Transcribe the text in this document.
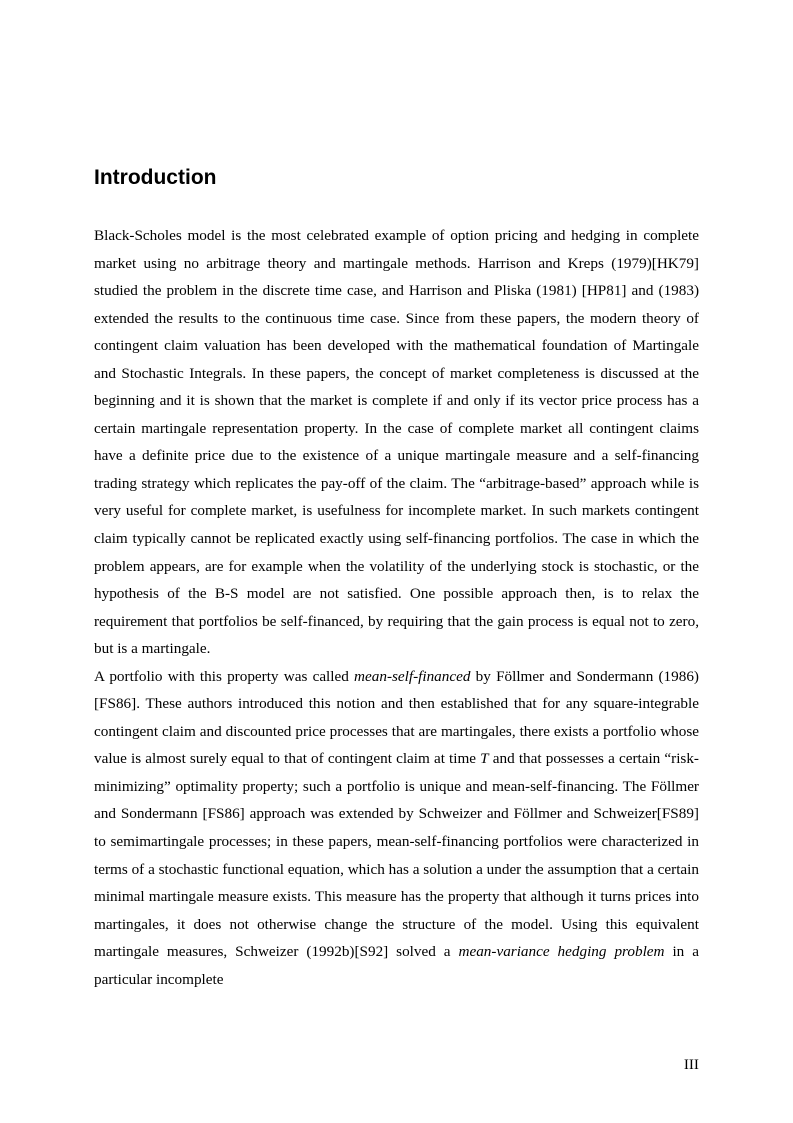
Introduction

Black-Scholes model is the most celebrated example of option pricing and hedging in complete market using no arbitrage theory and martingale methods. Harrison and Kreps (1979)[HK79] studied the problem in the discrete time case, and Harrison and Pliska (1981) [HP81] and (1983) extended the results to the continuous time case. Since from these papers, the modern theory of contingent claim valuation has been developed with the mathematical foundation of Martingale and Stochastic Integrals. In these papers, the concept of market completeness is discussed at the beginning and it is shown that the market is complete if and only if its vector price process has a certain martingale representation property. In the case of complete market all contingent claims have a definite price due to the existence of a unique martingale measure and a self-financing trading strategy which replicates the pay-off of the claim. The “arbitrage-based” approach while is very useful for complete market, is usefulness for incomplete market. In such markets contingent claim typically cannot be replicated exactly using self-financing portfolios. The case in which the problem appears, are for example when the volatility of the underlying stock is stochastic, or the hypothesis of the B-S model are not satisfied. One possible approach then, is to relax the requirement that portfolios be self-financed, by requiring that the gain process is equal not to zero, but is a martingale.

A portfolio with this property was called mean-self-financed by Föllmer and Sondermann (1986)[FS86]. These authors introduced this notion and then established that for any square-integrable contingent claim and discounted price processes that are martingales, there exists a portfolio whose value is almost surely equal to that of contingent claim at time T and that possesses a certain “risk-minimizing” optimality property; such a portfolio is unique and mean-self-financing. The Föllmer and Sondermann [FS86] approach was extended by Schweizer and Föllmer and Schweizer[FS89] to semimartingale processes; in these papers, mean-self-financing portfolios were characterized in terms of a stochastic functional equation, which has a solution a under the assumption that a certain minimal martingale measure exists. This measure has the property that although it turns prices into martingales, it does not otherwise change the structure of the model. Using this equivalent martingale measures, Schweizer (1992b)[S92] solved a mean-variance hedging problem in a particular incomplete

III
